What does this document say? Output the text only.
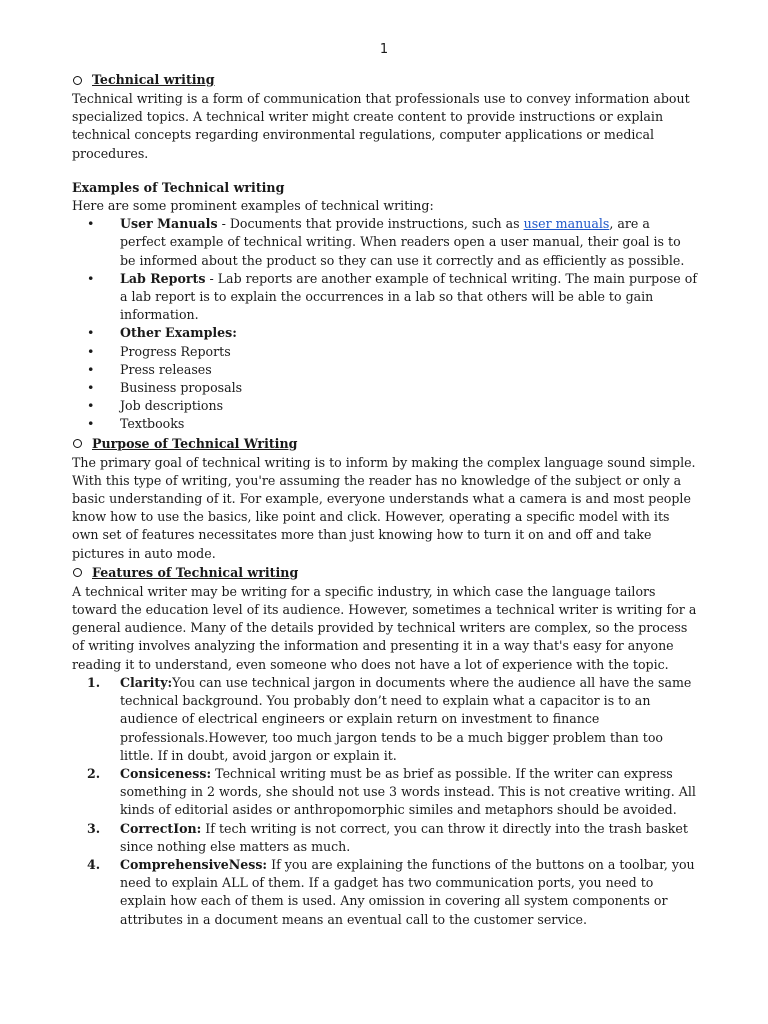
1
Technical writing

Technical writing is a form of communication that professionals use to convey information about specialized topics. A technical writer might create content to provide instructions or explain technical concepts regarding environmental regulations, computer applications or medical procedures.

Examples of Technical writing

Here are some prominent examples of technical writing:

• User Manuals - Documents that provide instructions, such as user manuals, are a perfect example of technical writing. When readers open a user manual, their goal is to be informed about the product so they can use it correctly and as efficiently as possible.
• Lab Reports - Lab reports are another example of technical writing. The main purpose of a lab report is to explain the occurrences in a lab so that others will be able to gain information.
• Other Examples:
• Progress Reports
• Press releases
• Business proposals
• Job descriptions
• Textbooks
Purpose of Technical Writing

The primary goal of technical writing is to inform by making the complex language sound simple. With this type of writing, you're assuming the reader has no knowledge of the subject or only a basic understanding of it. For example, everyone understands what a camera is and most people know how to use the basics, like point and click. However, operating a specific model with its own set of features necessitates more than just knowing how to turn it on and off and take pictures in auto mode.

Features of Technical writing

A technical writer may be writing for a specific industry, in which case the language tailors toward the education level of its audience. However, sometimes a technical writer is writing for a general audience. Many of the details provided by technical writers are complex, so the process of writing involves analyzing the information and presenting it in a way that's easy for anyone reading it to understand, even someone who does not have a lot of experience with the topic.

1. Clarity:You can use technical jargon in documents where the audience all have the same technical background. You probably don’t need to explain what a capacitor is to an audience of electrical engineers or explain return on investment to finance professionals.However, too much jargon tends to be a much bigger problem than too little. If in doubt, avoid jargon or explain it.
2. Consiceness: Technical writing must be as brief as possible. If the writer can express something in 2 words, she should not use 3 words instead. This is not creative writing. All kinds of editorial asides or anthropomorphic similes and metaphors should be avoided.
3. CorrectIon: If tech writing is not correct, you can throw it directly into the trash basket since nothing else matters as much.
4. ComprehensiveNess: If you are explaining the functions of the buttons on a toolbar, you need to explain ALL of them. If a gadget has two communication ports, you need to explain how each of them is used. Any omission in covering all system components or attributes in a document means an eventual call to the customer service.
